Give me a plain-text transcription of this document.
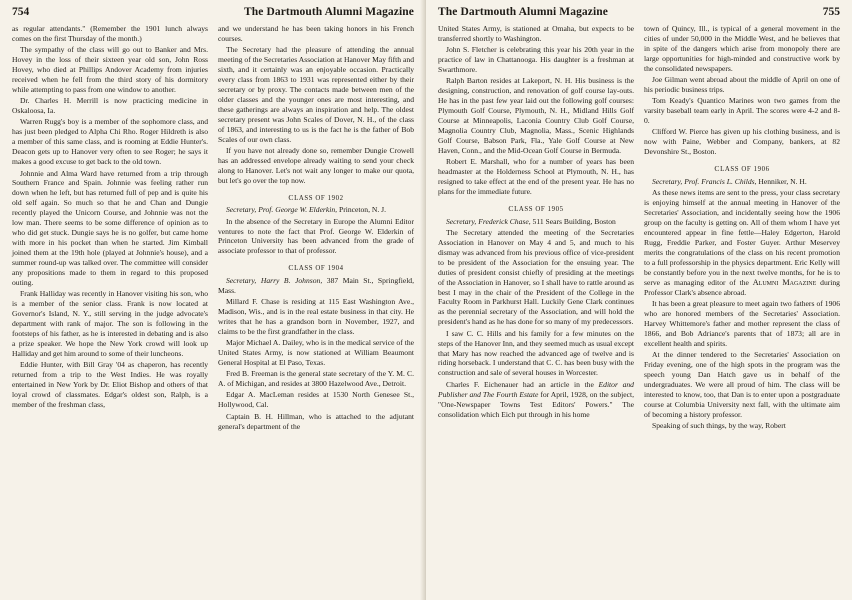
754	The Dartmouth Alumni Magazine

as regular attendants." (Remember the 1901 lunch always comes on the first Thursday of the month.)

The sympathy of the class will go out to Banker and Mrs. Hovey in the loss of their sixteen year old son, John Ross Hovey, who died at Phillips Andover Academy from injuries received when he fell from the third story of his dormitory while attempting to pass from one window to another.

Dr. Charles H. Merrill is now practicing medicine in Oskaloosa, Ia.

Warren Rugg's boy is a member of the sophomore class, and has just been pledged to Alpha Chi Rho. Roger Hildreth is also a member of this same class, and is rooming at Eddie Hunter's. Deacon gets up to Hanover very often to see Roger; he says it makes a good excuse to get back to the old town.

Johnnie and Alma Ward have returned from a trip through Southern France and Spain. Johnnie was feeling rather run down when he left, but has returned full of pep and is quite his old self again. So much so that he and Chan and Dungie recently played the Unicorn Course, and Johnnie was not the low man. There seems to be some difference of opinion as to who did get stuck. Dungie says he is no golfer, but came home with more in his pocket than when he started. Jim Kimball joined them at the 19th hole (played at Johnnie's house), and a summer round-up was talked over. The committee will consider any propositions made to them in regard to this proposed outing.

Frank Halliday was recently in Hanover visiting his son, who is a member of the senior class. Frank is now located at Governor's Island, N. Y., still serving in the judge advocate's department with rank of major. The son is following in the footsteps of his father, as he is interested in debating and is also a prize speaker. We hope the New York crowd will look up Halliday and get him around to some of their luncheons.

Eddie Hunter, with Bill Gray '04 as chaperon, has recently returned from a trip to the West Indies. He was royally entertained in New York by Dr. Eliot Bishop and others of that loyal crowd of classmates. Edgar's oldest son, Ralph, is a member of the freshman class,

and we understand he has been taking honors in his French courses.

The Secretary had the pleasure of attending the annual meeting of the Secretaries Association at Hanover May fifth and sixth, and it certainly was an enjoyable occasion. Practically every class from 1863 to 1931 was represented either by their secretary or by proxy. The contacts made between men of the older classes and the younger ones are most interesting, and these gatherings are always an inspiration and help. The oldest secretary present was John Scales of Dover, N. H., of the class of 1863, and interesting to us is the fact he is the father of Bob Scales of our own class.

If you have not already done so, remember Dungie Crowell has an addressed envelope already waiting to send your check along to Hanover. Let's not wait any longer to make our quota, but let's go over the top now.

CLASS OF 1902

Secretary, Prof. George W. Elderkin, Princeton, N. J.

In the absence of the Secretary in Europe the Alumni Editor ventures to note the fact that Prof. George W. Elderkin of Princeton University has been advanced from the grade of associate professor to that of professor.

CLASS OF 1904

Secretary, Harry B. Johnson, 387 Main St., Springfield, Mass.

Millard F. Chase is residing at 115 East Washington Ave., Madison, Wis., and is in the real estate business in that city. He writes that he has a grandson born in November, 1927, and claims to be the first grandfather in the class.

Major Michael A. Dailey, who is in the medical service of the United States Army, is now stationed at William Beaumont General Hospital at El Paso, Texas.

Fred B. Freeman is the general state secretary of the Y. M. C. A. of Michigan, and resides at 3800 Hazelwood Ave., Detroit.

Edgar A. MacLeman resides at 1530 North Genesee St., Hollywood, Cal.

Captain B. H. Hillman, who is attached to the adjutant general's department of the

The Dartmouth Alumni Magazine	755

United States Army, is stationed at Omaha, but expects to be transferred shortly to Washington.

John S. Fletcher is celebrating this year his 20th year in the practice of law in Chattanooga. His daughter is a freshman at Swarthmore.

Ralph Barton resides at Lakeport, N. H. His business is the designing, construction, and renovation of golf course lay-outs. He has in the past few year laid out the following golf courses: Plymouth Golf Course, Plymouth, N. H., Midland Hills Golf Course at Minneapolis, Laconia Country Club Golf Course, Magnolia Country Club, Magnolia, Mass., Scenic Highlands Golf Course, Babson Park, Fla., Yale Golf Course at New Haven, Conn., and the Mid-Ocean Golf Course in Bermuda.

Robert E. Marshall, who for a number of years has been headmaster at the Holderness School at Plymouth, N. H., has resigned to take effect at the end of the present year. He has no plans for the immediate future.

CLASS OF 1905

Secretary, Frederick Chase, 511 Sears Building, Boston

The Secretary attended the meeting of the Secretaries Association in Hanover on May 4 and 5, and much to his dismay was advanced from his previous office of vice-president to be president of the Association for the ensuing year. The duties of president consist chiefly of presiding at the meetings of the Association in Hanover, so I shall have to rattle around as best I may in the chair of the President of the College in the Faculty Room in Parkhurst Hall. Luckily Gene Clark continues as the perennial secretary of the Association, and will hold the president's hand as he has done for so many of my predecessors.

I saw C. C. Hills and his family for a few minutes on the steps of the Hanover Inn, and they seemed much as usual except that Mary has now reached the advanced age of twelve and is riding horseback. I understand that C. C. has been busy with the construction and sale of several houses in Worcester.

Charles F. Eichenauer had an article in the Editor and Publisher and The Fourth Estate for April, 1928, on the subject, "One-Newspaper Towns Test Editors' Powers." The consolidation which Eich put through in his home

town of Quincy, Ill., is typical of a general movement in the cities of under 50,000 in the Middle West, and he believes that in spite of the dangers which arise from monopoly there are large opportunities for high-minded and constructive work by the consolidated newspapers.

Joe Gilman went abroad about the middle of April on one of his periodic business trips.

Tom Keady's Quantico Marines won two games from the varsity baseball team early in April. The scores were 4-2 and 8-0.

Clifford W. Pierce has given up his clothing business, and is now with Paine, Webber and Company, bankers, at 82 Devonshire St., Boston.

CLASS OF 1906

Secretary, Prof. Francis L. Childs, Henniker, N. H.

As these news items are sent to the press, your class secretary is enjoying himself at the annual meeting in Hanover of the Secretaries' Association, and incidentally seeing how the 1906 group on the faculty is getting on. All of them whom I have yet encountered appear in fine fettle—Haley Edgerton, Harold Rugg, Freddie Parker, and Foster Guyer. Arthur Meservey merits the congratulations of the class on his recent promotion to a full professorship in the physics department. Eric Kelly will be constantly before you in the next twelve months, for he is to serve as managing editor of the Alumni Magazine during Professor Clark's absence abroad.

It has been a great pleasure to meet again two fathers of 1906 who are honored members of the Secretaries' Association. Harvey Whittemore's father and mother represent the class of 1866, and Bob Adriance's parents that of 1873; all are in excellent health and spirits.

At the dinner tendered to the Secretaries' Association on Friday evening, one of the high spots in the program was the speech young Dan Hatch gave us in behalf of the undergraduates. We were all proud of him. The class will be interested to know, too, that Dan is to enter upon a postgraduate course at Columbia University next fall, with the ultimate aim of becoming a history professor.

Speaking of such things, by the way, Robert
